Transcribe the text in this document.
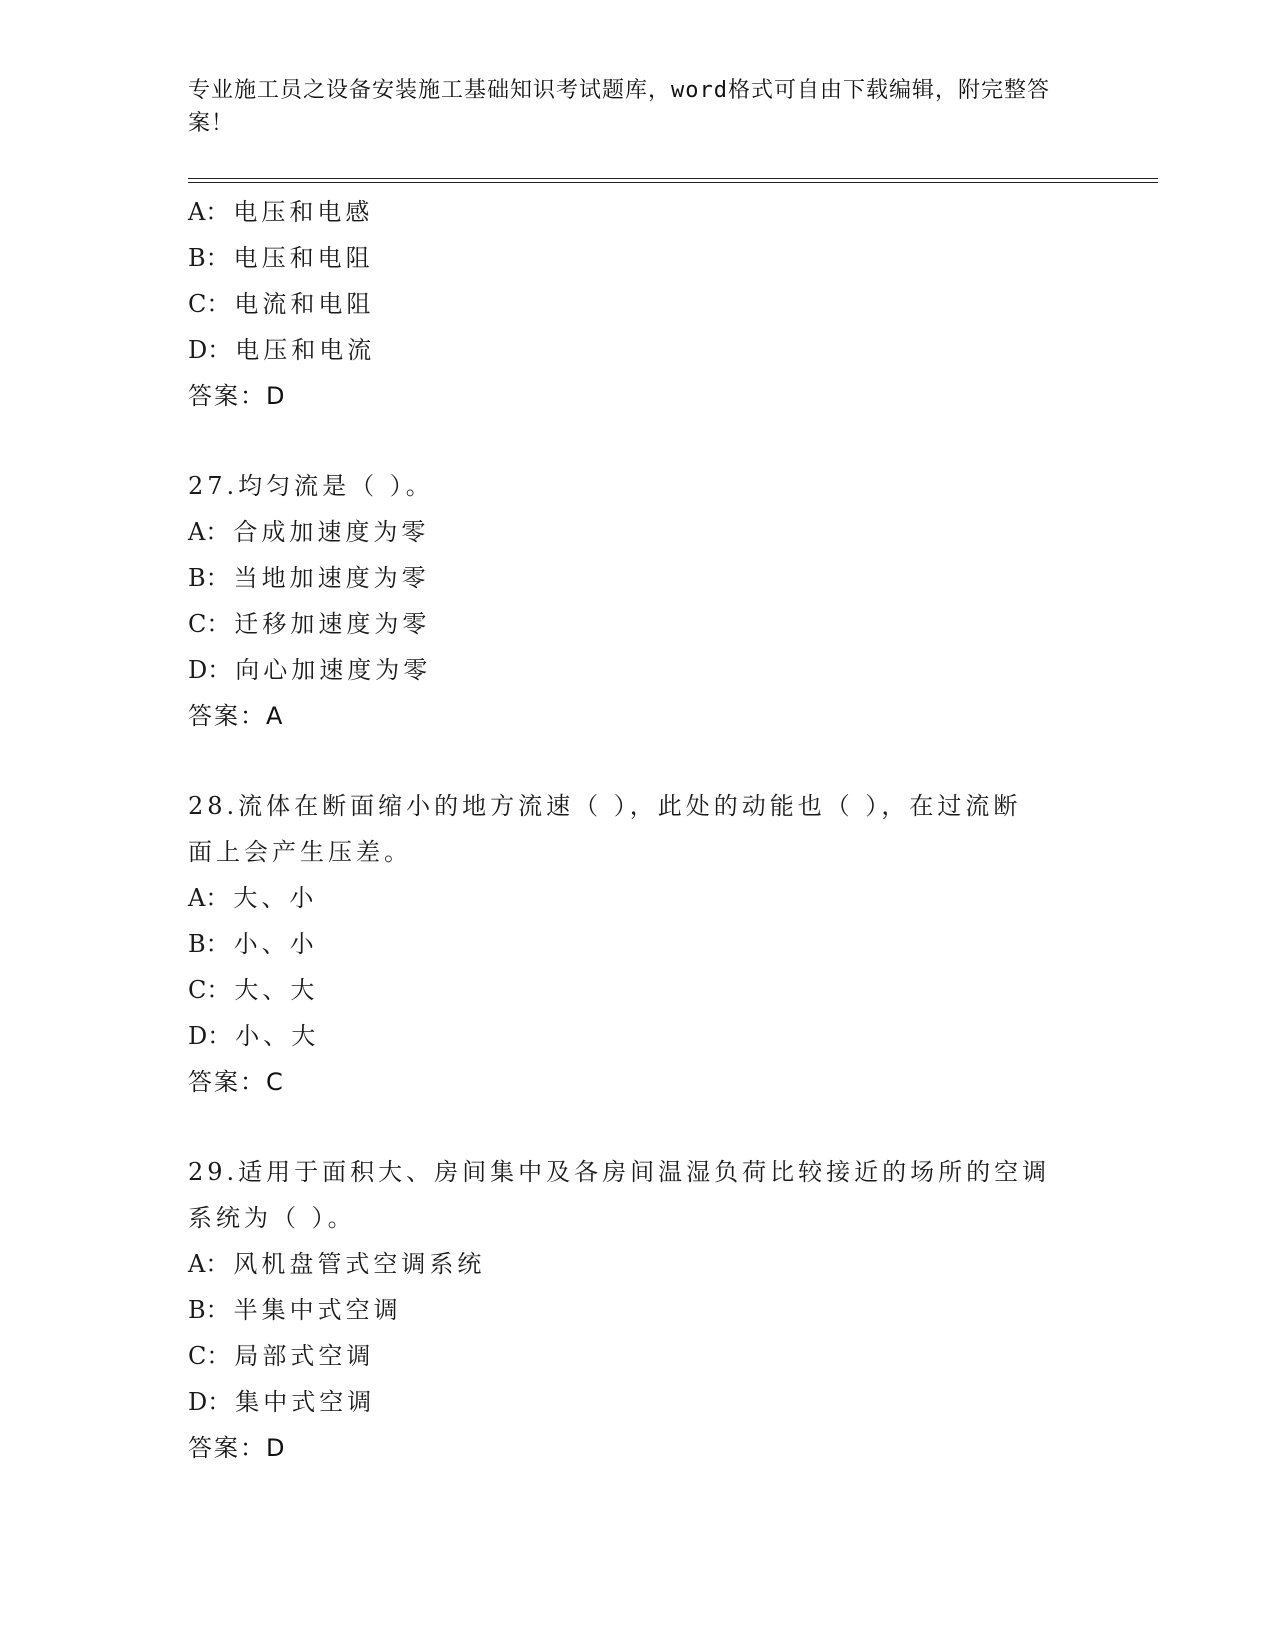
专业施工员之设备安装施工基础知识考试题库，word格式可自由下载编辑，附完整答案！
A：电压和电感
B：电压和电阻
C：电流和电阻
D：电压和电流
答案：D
27.均匀流是（ ）。
A：合成加速度为零
B：当地加速度为零
C：迁移加速度为零
D：向心加速度为零
答案：A
28.流体在断面缩小的地方流速（ ），此处的动能也（ ），在过流断
面上会产生压差。
A：大、小
B：小、小
C：大、大
D：小、大
答案：C
29.适用于面积大、房间集中及各房间温湿负荷比较接近的场所的空调
系统为（ ）。
A：风机盘管式空调系统
B：半集中式空调
C：局部式空调
D：集中式空调
答案：D
